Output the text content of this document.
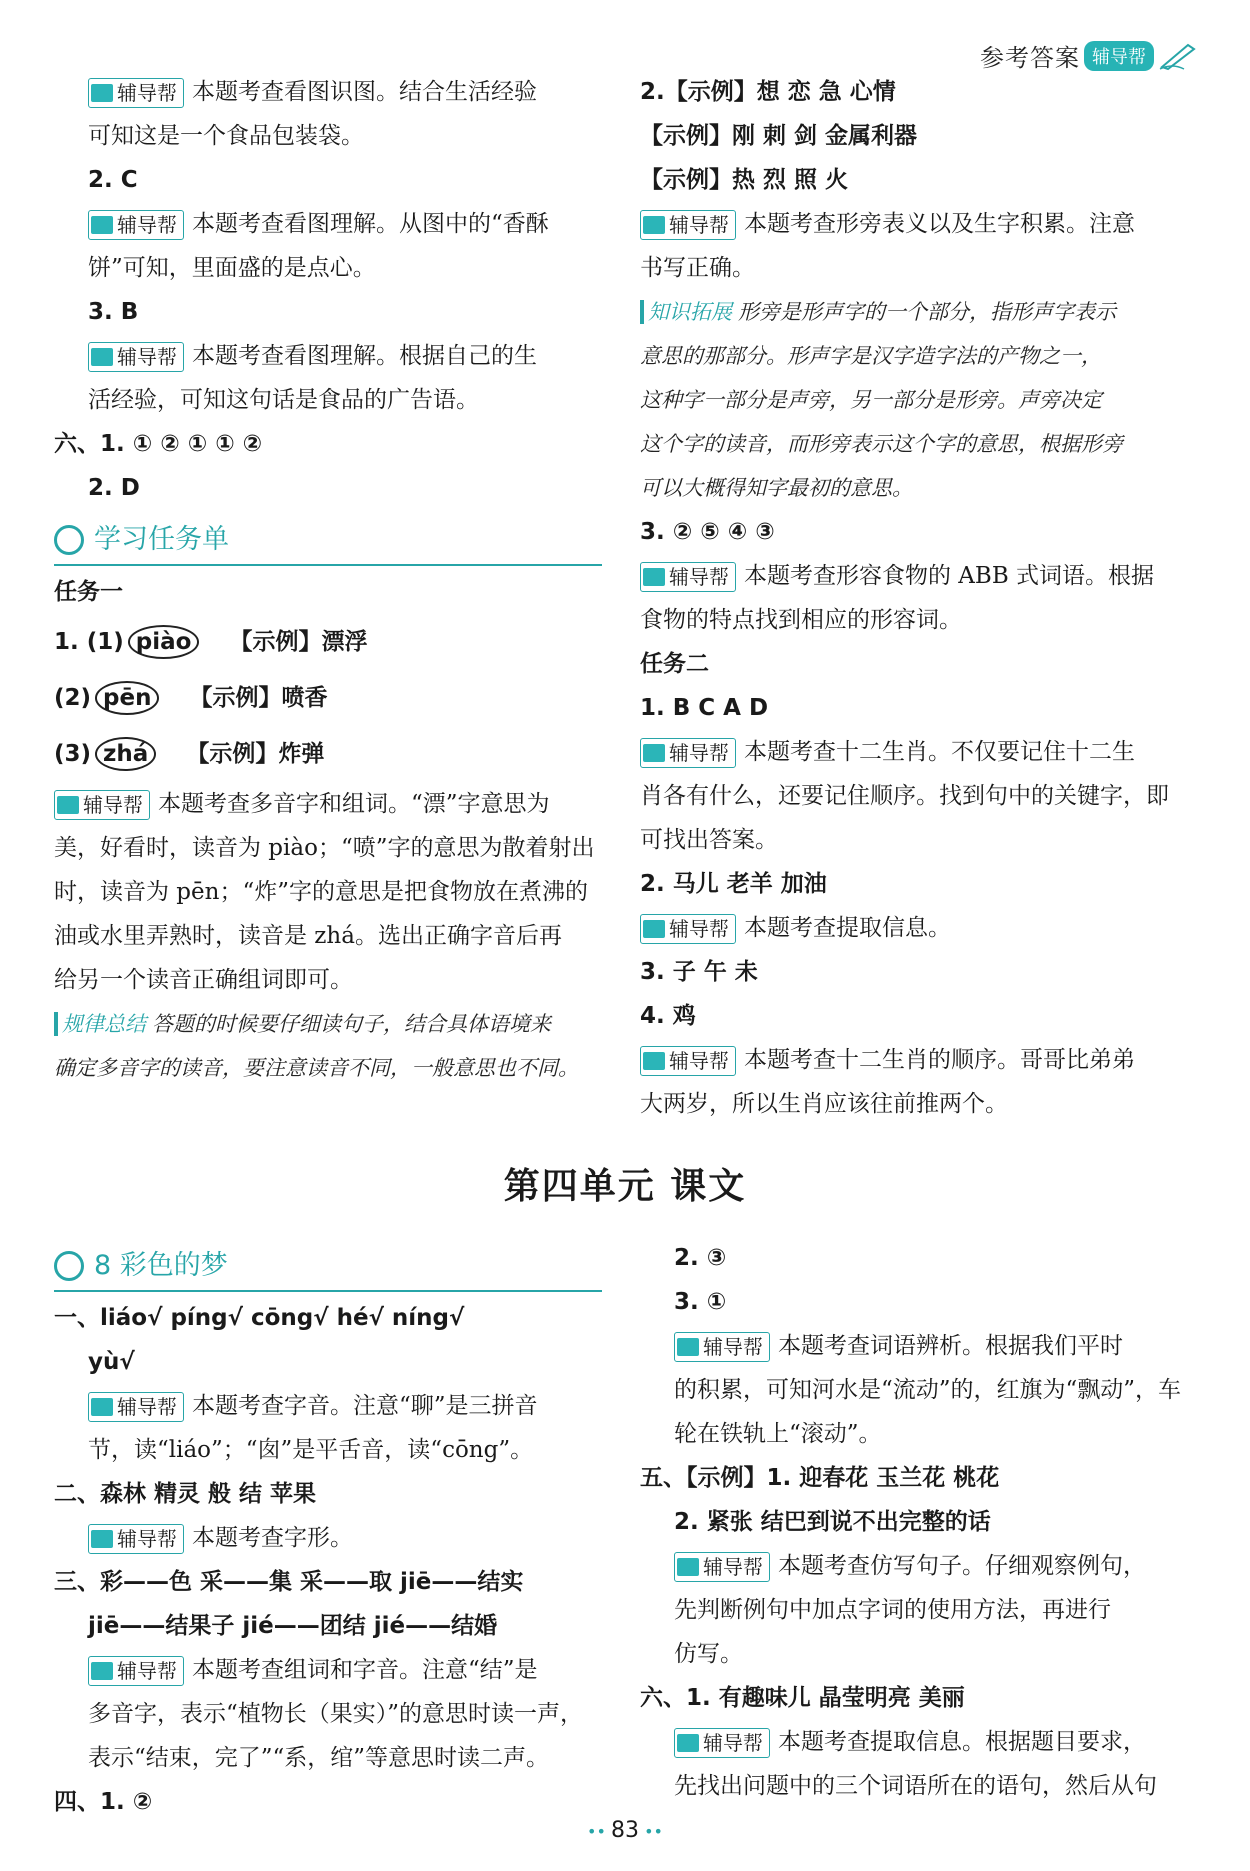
参考答案 辅导帮
辅导帮 本题考查看图识图。结合生活经验
可知这是一个食品包装袋。
2. C
辅导帮 本题考查看图理解。从图中的“香酥
饼”可知，里面盛的是点心。
3. B
辅导帮 本题考查看图理解。根据自己的生
活经验，可知这句话是食品的广告语。
六、1. ① ② ① ① ②
2. D
学习任务单
任务一
1. (1) piào 【示例】漂浮
(2) pēn 【示例】喷香
(3) zhá 【示例】炸弹
辅导帮 本题考查多音字和组词。“漂”字意思为
美，好看时，读音为 piào；“喷”字的意思为散着射出
时，读音为 pēn；“炸”字的意思是把食物放在煮沸的
油或水里弄熟时，读音是 zhá。选出正确字音后再
给另一个读音正确组词即可。
规律总结 答题的时候要仔细读句子，结合具体语境来
确定多音字的读音，要注意读音不同，一般意思也不同。
2.【示例】想 恋 急 心情
【示例】刚 刺 剑 金属利器
【示例】热 烈 照 火
辅导帮 本题考查形旁表义以及生字积累。注意
书写正确。
知识拓展 形旁是形声字的一个部分，指形声字表示
意思的那部分。形声字是汉字造字法的产物之一，
这种字一部分是声旁，另一部分是形旁。声旁决定
这个字的读音，而形旁表示这个字的意思，根据形旁
可以大概得知字最初的意思。
3. ② ⑤ ④ ③
辅导帮 本题考查形容食物的 ABB 式词语。根据
食物的特点找到相应的形容词。
任务二
1. B C A D
辅导帮 本题考查十二生肖。不仅要记住十二生
肖各有什么，还要记住顺序。找到句中的关键字，即
可找出答案。
2. 马儿 老羊 加油
辅导帮 本题考查提取信息。
3. 子 午 未
4. 鸡
辅导帮 本题考查十二生肖的顺序。哥哥比弟弟
大两岁，所以生肖应该往前推两个。
第四单元 课文
8 彩色的梦
一、liáo√ píng√ cōng√ hé√ níng√
yù√
辅导帮 本题考查字音。注意“聊”是三拼音
节，读“liáo”；“囱”是平舌音，读“cōng”。
二、森林 精灵 般 结 苹果
辅导帮 本题考查字形。
三、彩——色 采——集 采——取 jiē——结实
jiē——结果子 jié——团结 jié——结婚
辅导帮 本题考查组词和字音。注意“结”是
多音字，表示“植物长（果实）”的意思时读一声，
表示“结束，完了”“系，绾”等意思时读二声。
四、1. ②
2. ③
3. ①
辅导帮 本题考查词语辨析。根据我们平时
的积累，可知河水是“流动”的，红旗为“飘动”，车
轮在铁轨上“滚动”。
五、【示例】1. 迎春花 玉兰花 桃花
2. 紧张 结巴到说不出完整的话
辅导帮 本题考查仿写句子。仔细观察例句，
先判断例句中加点字词的使用方法，再进行
仿写。
六、1. 有趣味儿 晶莹明亮 美丽
辅导帮 本题考查提取信息。根据题目要求，
先找出问题中的三个词语所在的语句，然后从句
•• 83 ••
